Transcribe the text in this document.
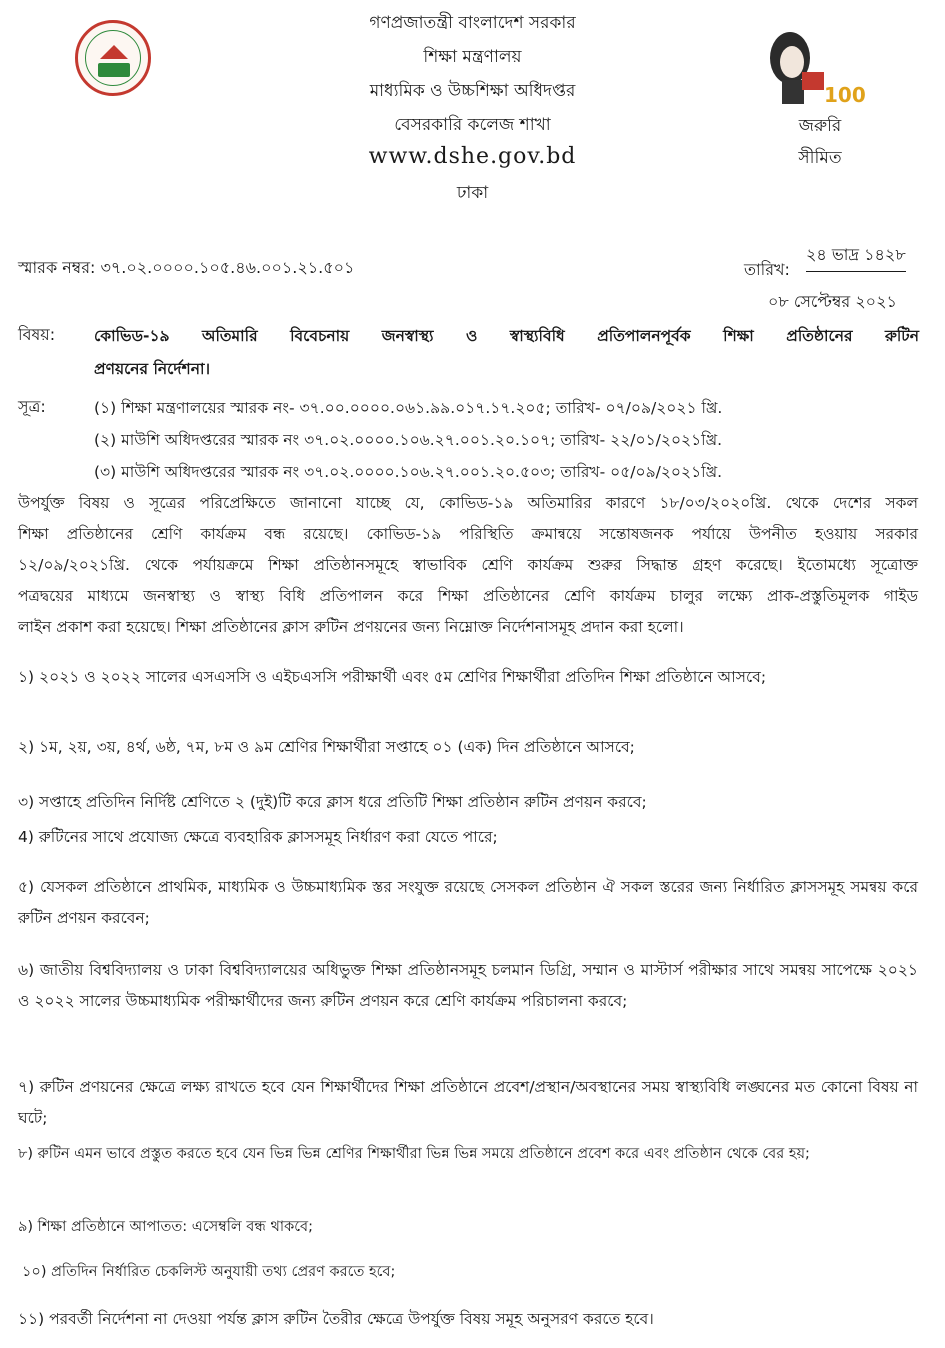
100
গণপ্রজাতন্ত্রী বাংলাদেশ সরকার
শিক্ষা মন্ত্রণালয়
মাধ্যমিক ও উচ্চশিক্ষা অধিদপ্তর
বেসরকারি কলেজ শাখা
www.dshe.gov.bd
ঢাকা
জরুরি
সীমিত
স্মারক নম্বর: ৩৭.০২.০০০০.১০৫.৪৬.০০১.২১.৫০১	তারিখ:
২৪ ভাদ্র ১৪২৮
০৮ সেপ্টেম্বর ২০২১
বিষয়:	কোভিড-১৯ অতিমারি বিবেচনায় জনস্বাস্থ্য ও স্বাস্থ্যবিধি প্রতিপালনপূর্বক শিক্ষা প্রতিষ্ঠানের রুটিন
প্রণয়নের নির্দেশনা।
সূত্র:	(১) শিক্ষা মন্ত্রণালয়ের স্মারক নং- ৩৭.০০.০০০০.০৬১.৯৯.০১৭.১৭.২০৫; তারিখ- ০৭/০৯/২০২১ খ্রি.
(২) মাউশি অধিদপ্তরের স্মারক নং ৩৭.০২.০০০০.১০৬.২৭.০০১.২০.১০৭; তারিখ- ২২/০১/২০২১খ্রি.
(৩) মাউশি অধিদপ্তরের স্মারক নং ৩৭.০২.০০০০.১০৬.২৭.০০১.২০.৫০৩; তারিখ- ০৫/০৯/২০২১খ্রি.
উপর্যুক্ত বিষয় ও সূত্রের পরিপ্রেক্ষিতে জানানো যাচ্ছে যে, কোভিড-১৯ অতিমারির কারণে ১৮/০৩/২০২০খ্রি. থেকে দেশের সকল
শিক্ষা প্রতিষ্ঠানের শ্রেণি কার্যক্রম বন্ধ রয়েছে। কোভিড-১৯ পরিস্থিতি ক্রমান্বয়ে সন্তোষজনক পর্যায়ে উপনীত হওয়ায় সরকার
১২/০৯/২০২১খ্রি. থেকে পর্যায়ক্রমে শিক্ষা প্রতিষ্ঠানসমূহে স্বাভাবিক শ্রেণি কার্যক্রম শুরুর সিদ্ধান্ত গ্রহণ করেছে। ইতোমধ্যে সূত্রোক্ত
পত্রদ্বয়ের মাধ্যমে জনস্বাস্থ্য ও স্বাস্থ্য বিধি প্রতিপালন করে শিক্ষা প্রতিষ্ঠানের শ্রেণি কার্যক্রম চালুর লক্ষ্যে প্রাক-প্রস্তুতিমূলক গাইড
লাইন প্রকাশ করা হয়েছে। শিক্ষা প্রতিষ্ঠানের ক্লাস রুটিন প্রণয়নের জন্য নিম্নোক্ত নির্দেশনাসমূহ প্রদান করা হলো।
১) ২০২১ ও ২০২২ সালের এসএসসি ও এইচএসসি পরীক্ষার্থী এবং ৫ম শ্রেণির শিক্ষার্থীরা প্রতিদিন শিক্ষা প্রতিষ্ঠানে আসবে;
২) ১ম, ২য়, ৩য়, ৪র্থ, ৬ষ্ঠ, ৭ম, ৮ম ও ৯ম শ্রেণির শিক্ষার্থীরা সপ্তাহে ০১ (এক) দিন প্রতিষ্ঠানে আসবে;
৩) সপ্তাহে প্রতিদিন নির্দিষ্ট শ্রেণিতে ২ (দুই)টি করে ক্লাস ধরে প্রতিটি শিক্ষা প্রতিষ্ঠান রুটিন প্রণয়ন করবে;
4) রুটিনের সাথে প্রযোজ্য ক্ষেত্রে ব্যবহারিক ক্লাসসমূহ নির্ধারণ করা যেতে পারে;
৫) যেসকল প্রতিষ্ঠানে প্রাথমিক, মাধ্যমিক ও উচ্চমাধ্যমিক স্তর সংযুক্ত রয়েছে সেসকল প্রতিষ্ঠান ঐ সকল স্তরের জন্য নির্ধারিত ক্লাসসমূহ সমন্বয় করে রুটিন প্রণয়ন করবেন;
৬) জাতীয় বিশ্ববিদ্যালয় ও ঢাকা বিশ্ববিদ্যালয়ের অধিভুক্ত শিক্ষা প্রতিষ্ঠানসমূহ চলমান ডিগ্রি, সম্মান ও মাস্টার্স পরীক্ষার সাথে সমন্বয় সাপেক্ষে ২০২১ ও ২০২২ সালের উচ্চমাধ্যমিক পরীক্ষার্থীদের জন্য রুটিন প্রণয়ন করে শ্রেণি কার্যক্রম পরিচালনা করবে;
৭) রুটিন প্রণয়নের ক্ষেত্রে লক্ষ্য রাখতে হবে যেন শিক্ষার্থীদের শিক্ষা প্রতিষ্ঠানে প্রবেশ/প্রস্থান/অবস্থানের সময় স্বাস্থ্যবিধি লঙ্ঘনের মত কোনো বিষয় না ঘটে;
৮) রুটিন এমন ভাবে প্রস্তুত করতে হবে যেন ভিন্ন ভিন্ন শ্রেণির শিক্ষার্থীরা ভিন্ন ভিন্ন সময়ে প্রতিষ্ঠানে প্রবেশ করে এবং প্রতিষ্ঠান থেকে বের হয়;
৯) শিক্ষা প্রতিষ্ঠানে আপাতত: এসেম্বলি বন্ধ থাকবে;
১০) প্রতিদিন নির্ধারিত চেকলিস্ট অনুযায়ী তথ্য প্রেরণ করতে হবে;
১১) পরবর্তী নির্দেশনা না দেওয়া পর্যন্ত ক্লাস রুটিন তৈরীর ক্ষেত্রে উপর্যুক্ত বিষয় সমূহ অনুসরণ করতে হবে।
